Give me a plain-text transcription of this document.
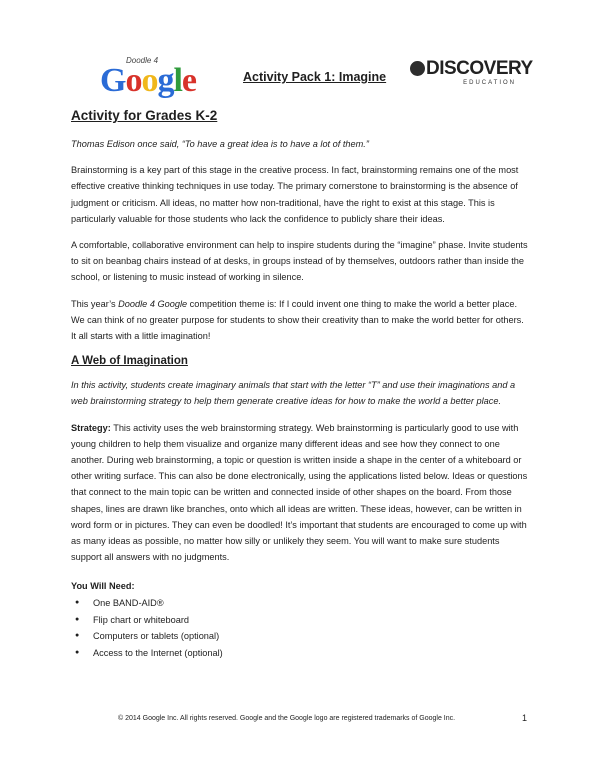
Doodle 4
Google	Activity Pack 1: Imagine	DISCOVERY
EDUCATION
Activity for Grades K-2

Thomas Edison once said, “To have a great idea is to have a lot of them.”

Brainstorming is a key part of this stage in the creative process. In fact, brainstorming remains one of the most effective creative thinking techniques in use today. The primary cornerstone to brainstorming is the absence of judgment or criticism. All ideas, no matter how non-traditional, have the right to exist at this stage. This is particularly valuable for those students who lack the confidence to publicly share their ideas.

A comfortable, collaborative environment can help to inspire students during the “imagine” phase. Invite students to sit on beanbag chairs instead of at desks, in groups instead of by themselves, outdoors rather than inside the school, or listening to music instead of working in silence.

This year’s Doodle 4 Google competition theme is: If I could invent one thing to make the world a better place. We can think of no greater purpose for students to show their creativity than to make the world better for others. It all starts with a little imagination!

A Web of Imagination

In this activity, students create imaginary animals that start with the letter “T” and use their imaginations and a web brainstorming strategy to help them generate creative ideas for how to make the world a better place.

Strategy: This activity uses the web brainstorming strategy. Web brainstorming is particularly good to use with young children to help them visualize and organize many different ideas and see how they connect to one another. During web brainstorming, a topic or question is written inside a shape in the center of a whiteboard or other writing surface. This can also be done electronically, using the applications listed below. Ideas or questions that connect to the main topic can be written and connected inside of other shapes on the board. From those shapes, lines are drawn like branches, onto which all ideas are written. These ideas, however, can be written in word form or in pictures. They can even be doodled! It’s important that students are encouraged to come up with as many ideas as possible, no matter how silly or unlikely they seem. You will want to make sure students support all answers with no judgments.

You Will Need:
● One BAND-AID®
● Flip chart or whiteboard
● Computers or tablets (optional)
● Access to the Internet (optional)
© 2014 Google Inc. All rights reserved. Google and the Google logo are registered trademarks of Google Inc.	1
